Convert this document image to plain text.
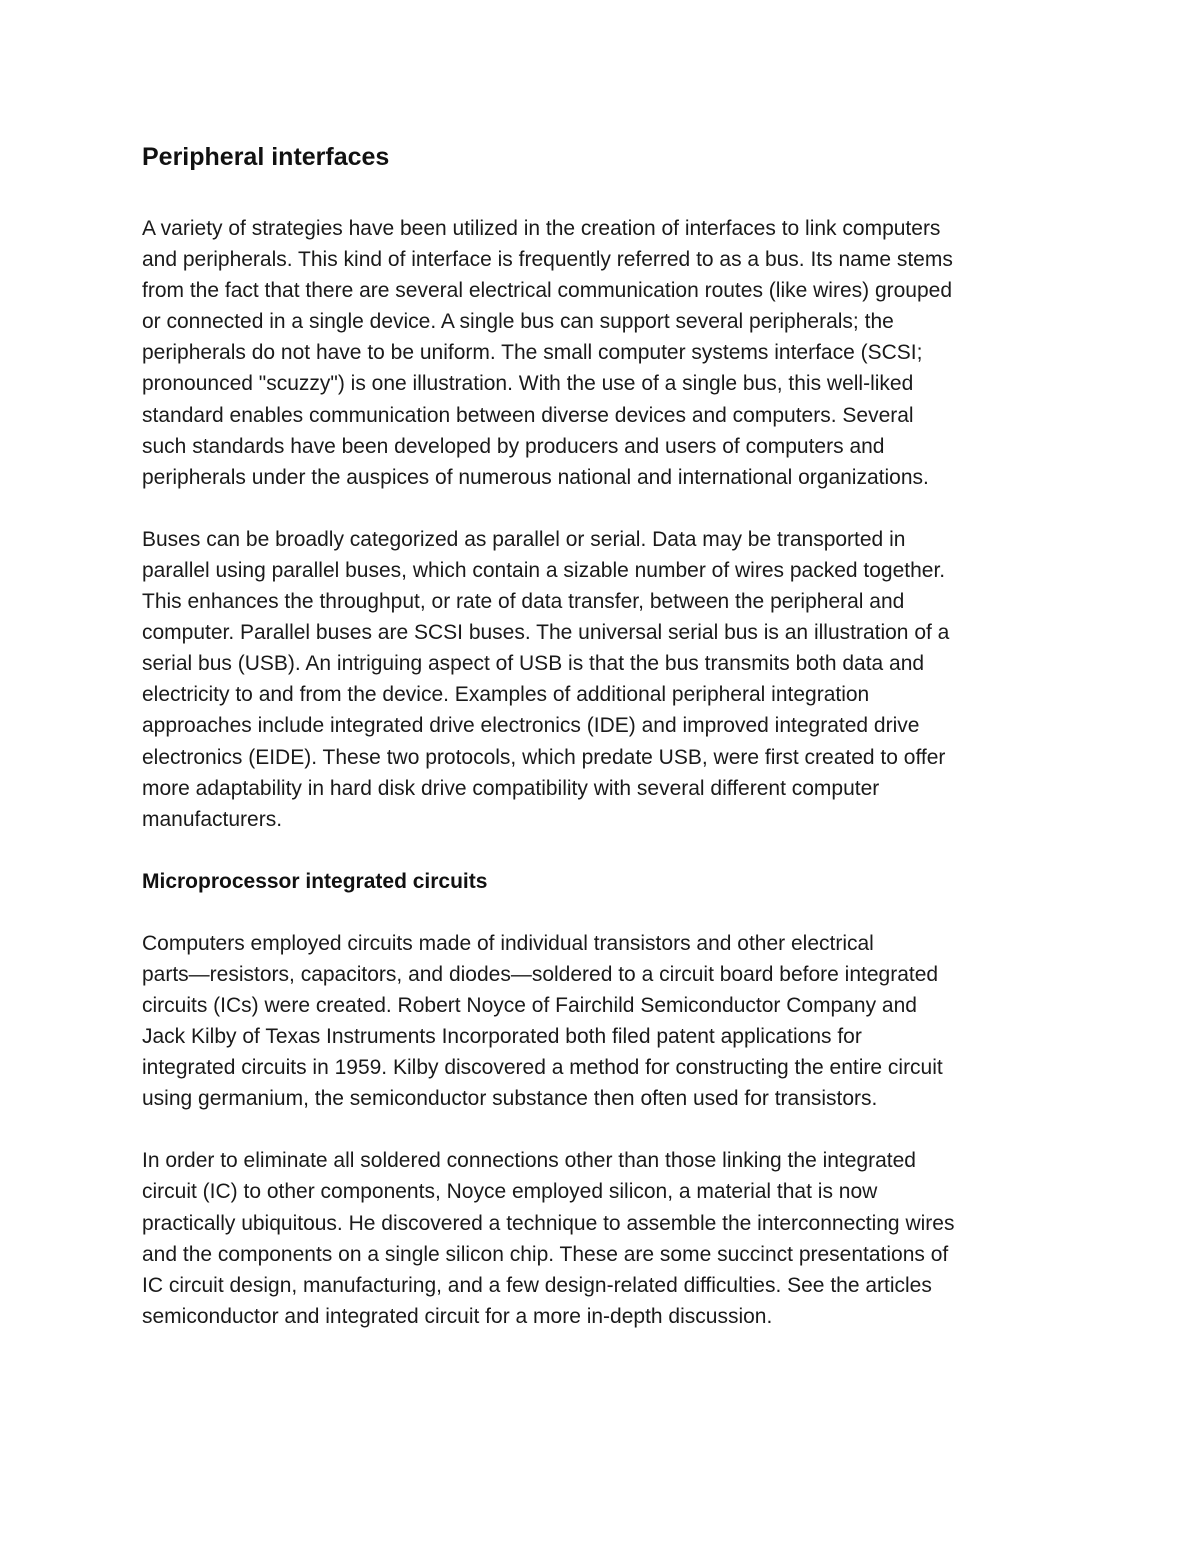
Peripheral interfaces

A variety of strategies have been utilized in the creation of interfaces to link computers
and peripherals. This kind of interface is frequently referred to as a bus. Its name stems
from the fact that there are several electrical communication routes (like wires) grouped
or connected in a single device. A single bus can support several peripherals; the
peripherals do not have to be uniform. The small computer systems interface (SCSI;
pronounced "scuzzy") is one illustration. With the use of a single bus, this well-liked
standard enables communication between diverse devices and computers. Several
such standards have been developed by producers and users of computers and
peripherals under the auspices of numerous national and international organizations.

Buses can be broadly categorized as parallel or serial. Data may be transported in
parallel using parallel buses, which contain a sizable number of wires packed together.
This enhances the throughput, or rate of data transfer, between the peripheral and
computer. Parallel buses are SCSI buses. The universal serial bus is an illustration of a
serial bus (USB). An intriguing aspect of USB is that the bus transmits both data and
electricity to and from the device. Examples of additional peripheral integration
approaches include integrated drive electronics (IDE) and improved integrated drive
electronics (EIDE). These two protocols, which predate USB, were first created to offer
more adaptability in hard disk drive compatibility with several different computer
manufacturers.

Microprocessor integrated circuits

Computers employed circuits made of individual transistors and other electrical
parts—resistors, capacitors, and diodes—soldered to a circuit board before integrated
circuits (ICs) were created. Robert Noyce of Fairchild Semiconductor Company and
Jack Kilby of Texas Instruments Incorporated both filed patent applications for
integrated circuits in 1959. Kilby discovered a method for constructing the entire circuit
using germanium, the semiconductor substance then often used for transistors.

In order to eliminate all soldered connections other than those linking the integrated
circuit (IC) to other components, Noyce employed silicon, a material that is now
practically ubiquitous. He discovered a technique to assemble the interconnecting wires
and the components on a single silicon chip. These are some succinct presentations of
IC circuit design, manufacturing, and a few design-related difficulties. See the articles
semiconductor and integrated circuit for a more in-depth discussion.
